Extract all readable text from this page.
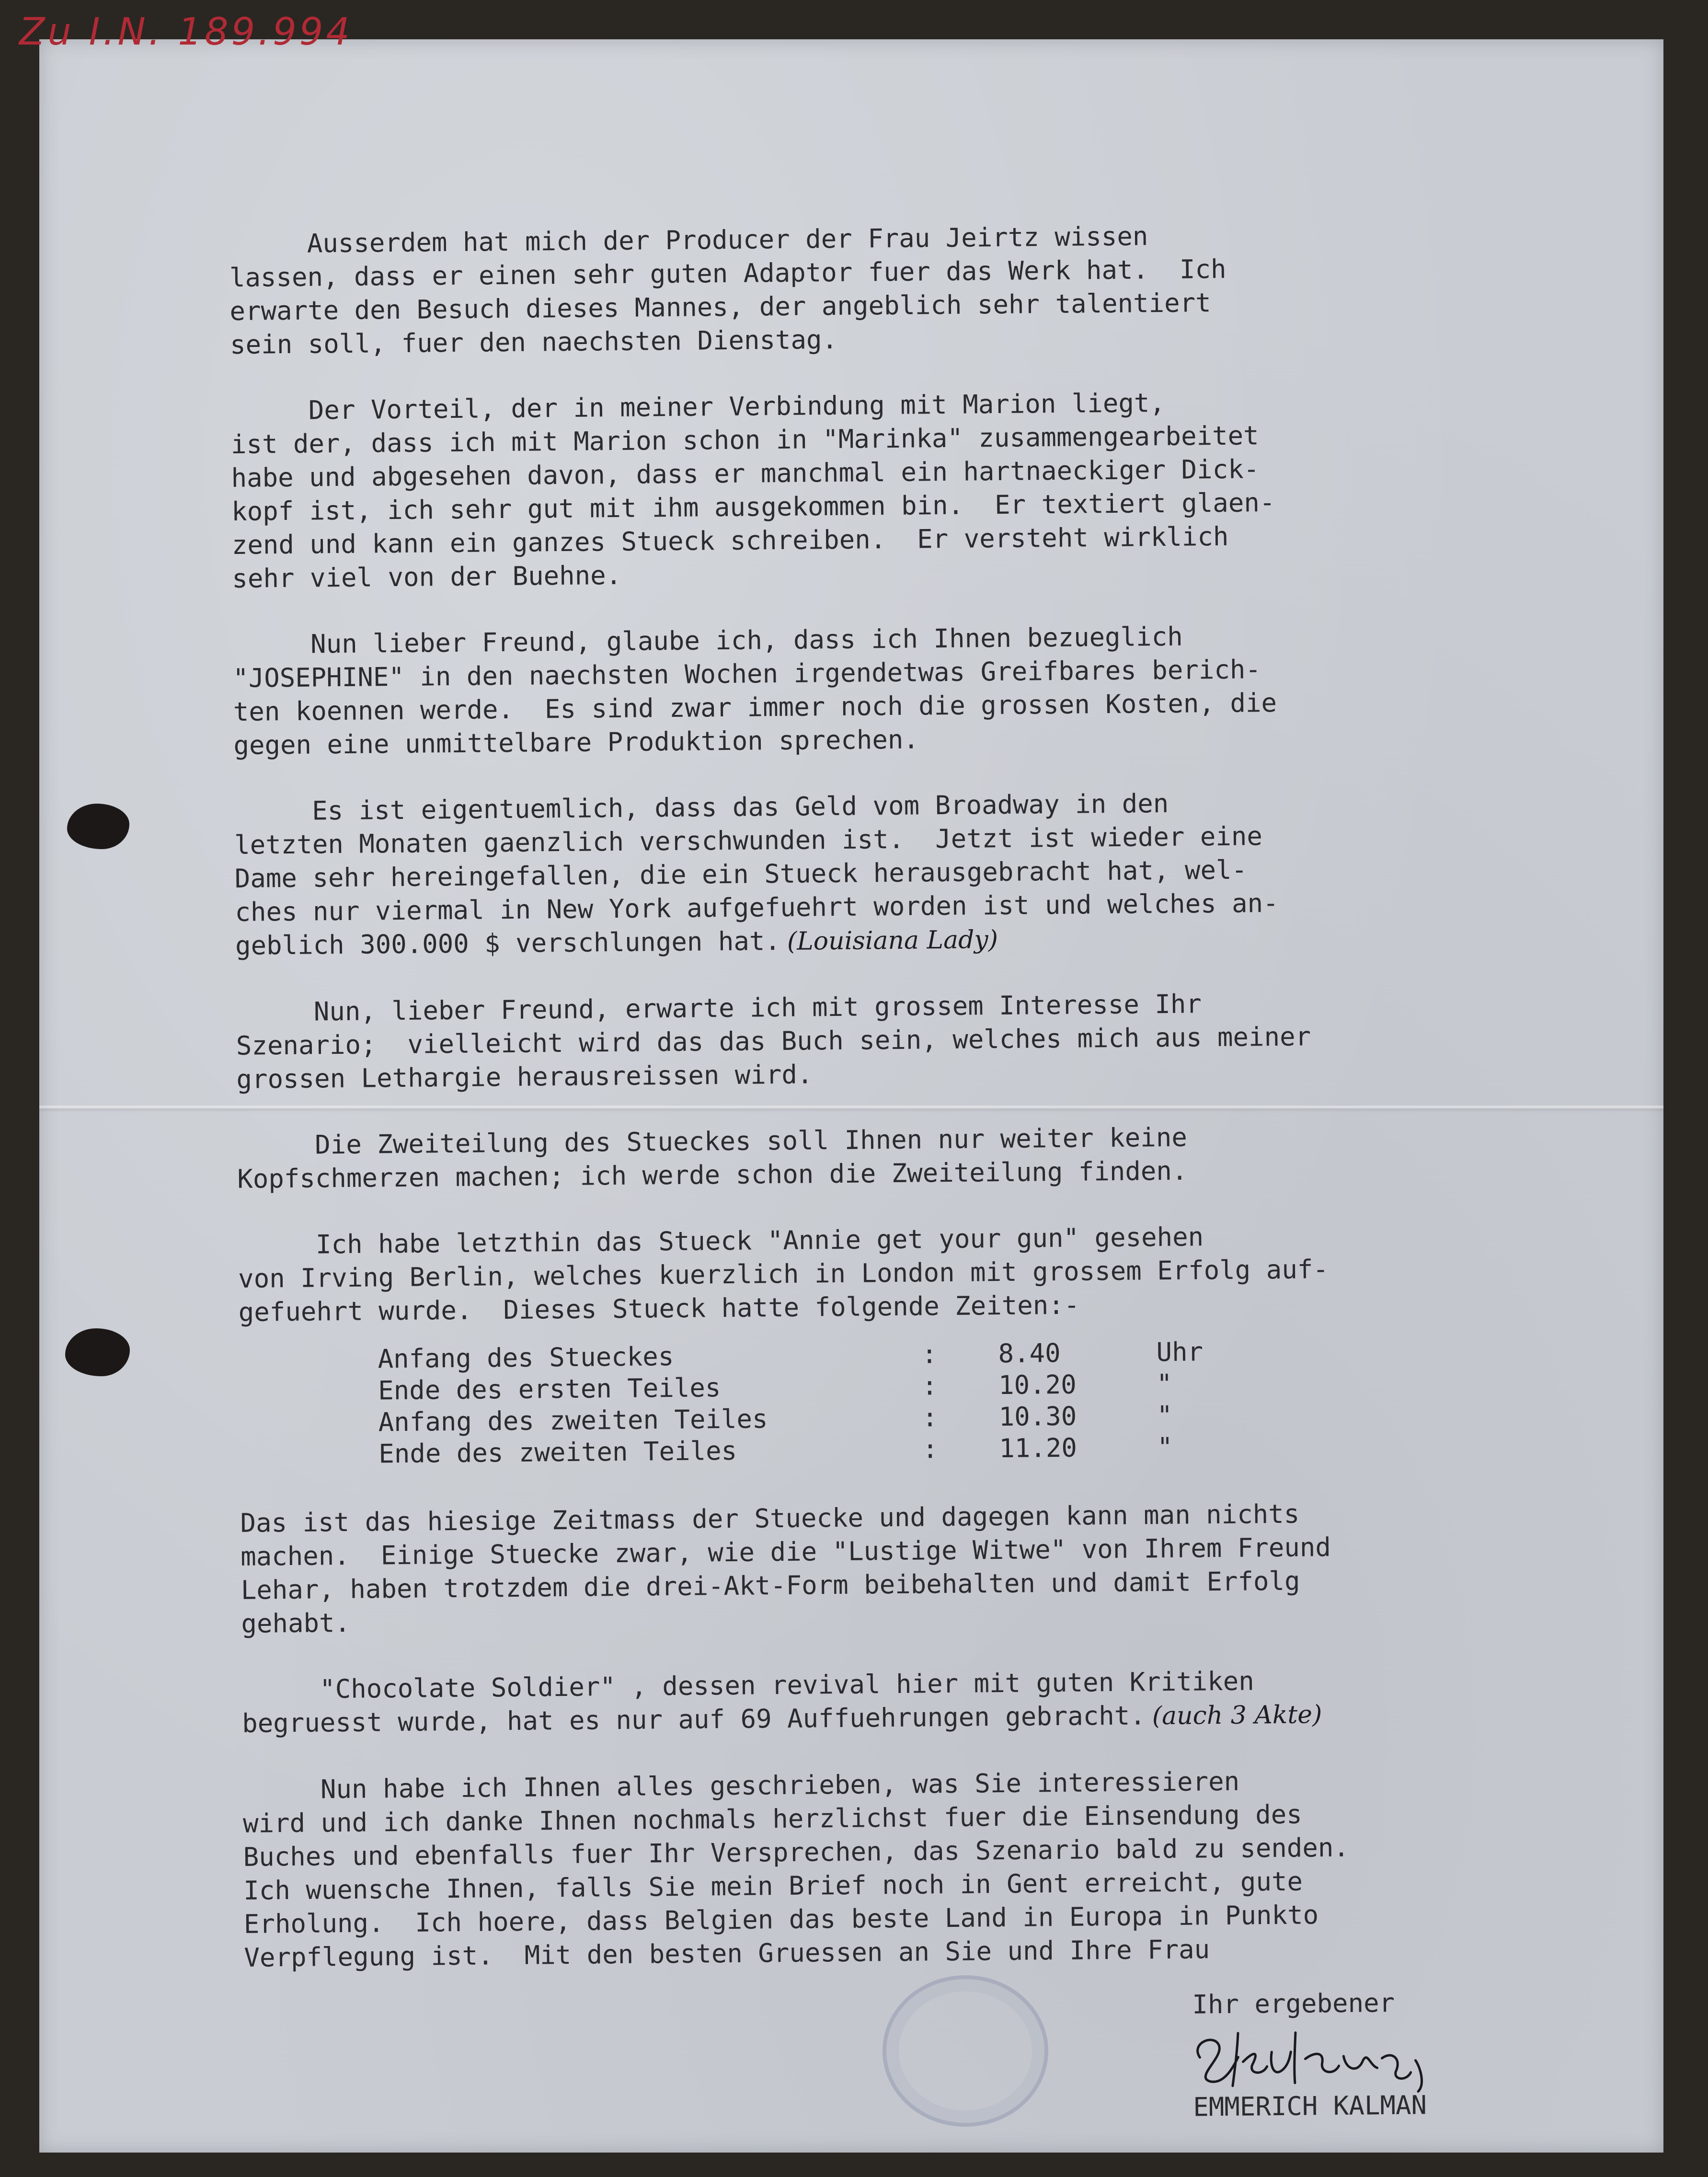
Zu I.N. 189.994

Ausserdem hat mich der Producer der Frau Jeirtz wissen
lassen, dass er einen sehr guten Adaptor fuer das Werk hat.  Ich
erwarte den Besuch dieses Mannes, der angeblich sehr talentiert
sein soll, fuer den naechsten Dienstag.

Der Vorteil, der in meiner Verbindung mit Marion liegt,
ist der, dass ich mit Marion schon in "Marinka" zusammengearbeitet
habe und abgesehen davon, dass er manchmal ein hartnaeckiger Dick-
kopf ist, ich sehr gut mit ihm ausgekommen bin.  Er textiert glaen-
zend und kann ein ganzes Stueck schreiben.  Er versteht wirklich
sehr viel von der Buehne.

Nun lieber Freund, glaube ich, dass ich Ihnen bezueglich
"JOSEPHINE" in den naechsten Wochen irgendetwas Greifbares berich-
ten koennen werde.  Es sind zwar immer noch die grossen Kosten, die
gegen eine unmittelbare Produktion sprechen.

Es ist eigentuemlich, dass das Geld vom Broadway in den
letzten Monaten gaenzlich verschwunden ist.  Jetzt ist wieder eine
Dame sehr hereingefallen, die ein Stueck herausgebracht hat, wel-
ches nur viermal in New York aufgefuehrt worden ist und welches an-
geblich 300.000 $ verschlungen hat. (Louisiana Lady)

Nun, lieber Freund, erwarte ich mit grossem Interesse Ihr
Szenario;  vielleicht wird das das Buch sein, welches mich aus meiner
grossen Lethargie herausreissen wird.

Die Zweiteilung des Stueckes soll Ihnen nur weiter keine
Kopfschmerzen machen; ich werde schon die Zweiteilung finden.

Ich habe letzthin das Stueck "Annie get your gun" gesehen
von Irving Berlin, welches kuerzlich in London mit grossem Erfolg auf-
gefuehrt wurde.  Dieses Stueck hatte folgende Zeiten:-

Anfang des Stueckes	:	8.40	Uhr
Ende des ersten Teiles	:	10.20	"
Anfang des zweiten Teiles	:	10.30	"
Ende des zweiten Teiles	:	11.20	"

Das ist das hiesige Zeitmass der Stuecke und dagegen kann man nichts
machen.  Einige Stuecke zwar, wie die "Lustige Witwe" von Ihrem Freund
Lehar, haben trotzdem die drei-Akt-Form beibehalten und damit Erfolg
gehabt.

"Chocolate Soldier" , dessen revival hier mit guten Kritiken
begruesst wurde, hat es nur auf 69 Auffuehrungen gebracht. (auch 3 Akte)

Nun habe ich Ihnen alles geschrieben, was Sie interessieren
wird und ich danke Ihnen nochmals herzlichst fuer die Einsendung des
Buches und ebenfalls fuer Ihr Versprechen, das Szenario bald zu senden.
Ich wuensche Ihnen, falls Sie mein Brief noch in Gent erreicht, gute
Erholung.  Ich hoere, dass Belgien das beste Land in Europa in Punkto
Verpflegung ist.  Mit den besten Gruessen an Sie und Ihre Frau

Ihr ergebener
EMMERICH KALMAN
